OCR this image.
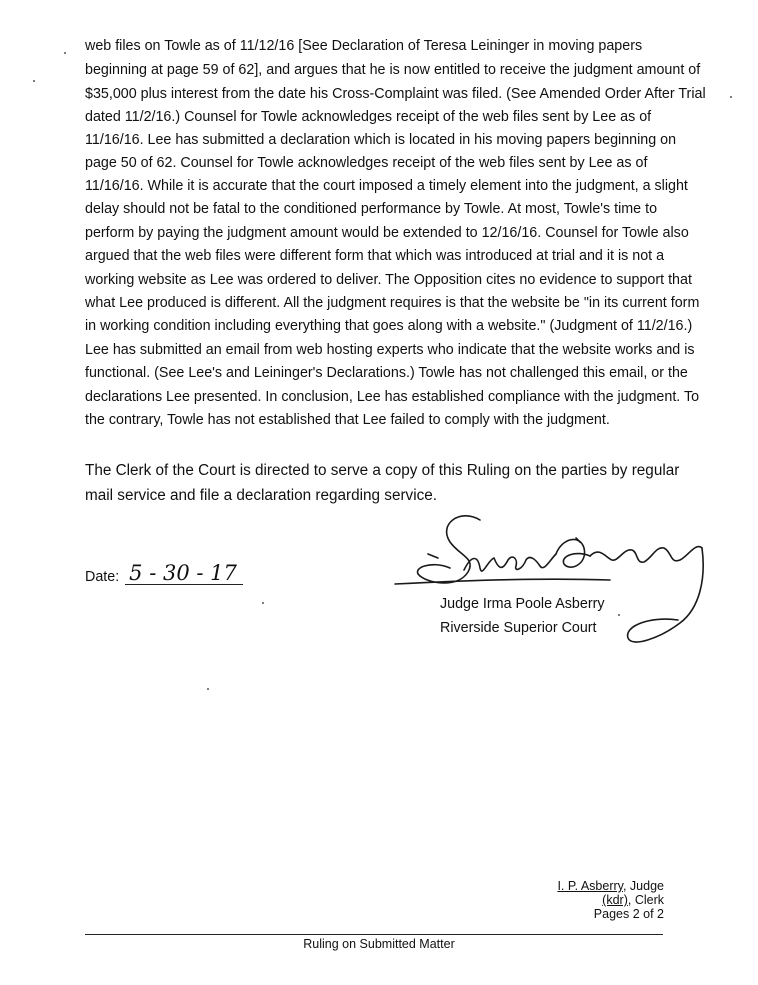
web files on Towle as of 11/12/16 [See Declaration of Teresa Leininger in moving papers
beginning at page 59 of 62], and argues that he is now entitled to receive the judgment amount of
$35,000 plus interest from the date his Cross-Complaint was filed. (See Amended Order After Trial
dated 11/2/16.) Counsel for Towle acknowledges receipt of the web files sent by Lee as of
11/16/16. Lee has submitted a declaration which is located in his moving papers beginning on
page 50 of 62. Counsel for Towle acknowledges receipt of the web files sent by Lee as of
11/16/16. While it is accurate that the court imposed a timely element into the judgment, a slight
delay should not be fatal to the conditioned performance by Towle. At most, Towle's time to
perform by paying the judgment amount would be extended to 12/16/16. Counsel for Towle also
argued that the web files were different form that which was introduced at trial and it is not a
working website as Lee was ordered to deliver. The Opposition cites no evidence to support that
what Lee produced is different. All the judgment requires is that the website be "in its current form
in working condition including everything that goes along with a website." (Judgment of 11/2/16.)
Lee has submitted an email from web hosting experts who indicate that the website works and is
functional. (See Lee's and Leininger's Declarations.) Towle has not challenged this email, or the
declarations Lee presented. In conclusion, Lee has established compliance with the judgment. To
the contrary, Towle has not established that Lee failed to comply with the judgment.
The Clerk of the Court is directed to serve a copy of this Ruling on the parties by regular
mail service and file a declaration regarding service.
Date: 5 - 30 - 17
Judge Irma Poole Asberry
Riverside Superior Court
I. P. Asberry, Judge
(kdr), Clerk
Pages 2 of 2
Ruling on Submitted Matter
